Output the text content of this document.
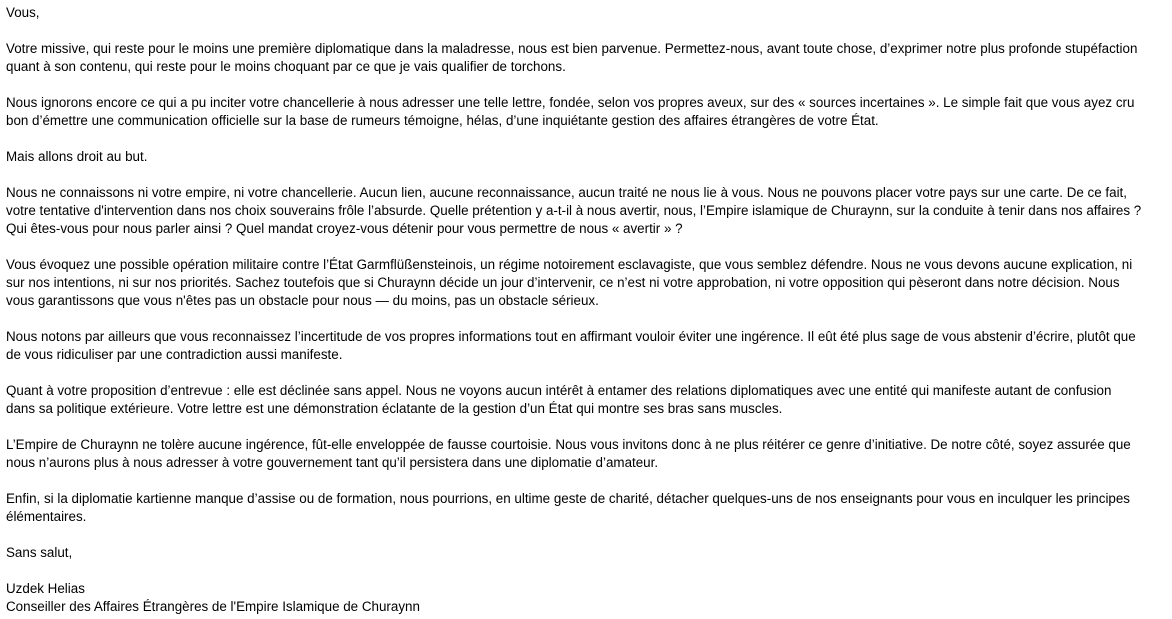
Vous,

Votre missive, qui reste pour le moins une première diplomatique dans la maladresse, nous est bien parvenue. Permettez-nous, avant toute chose, d’exprimer notre plus profonde stupéfaction
quant à son contenu, qui reste pour le moins choquant par ce que je vais qualifier de torchons.

Nous ignorons encore ce qui a pu inciter votre chancellerie à nous adresser une telle lettre, fondée, selon vos propres aveux, sur des « sources incertaines ». Le simple fait que vous ayez cru
bon d’émettre une communication officielle sur la base de rumeurs témoigne, hélas, d’une inquiétante gestion des affaires étrangères de votre État.

Mais allons droit au but.

Nous ne connaissons ni votre empire, ni votre chancellerie. Aucun lien, aucune reconnaissance, aucun traité ne nous lie à vous. Nous ne pouvons placer votre pays sur une carte. De ce fait,
votre tentative d'intervention dans nos choix souverains frôle l’absurde. Quelle prétention y a-t-il à nous avertir, nous, l’Empire islamique de Churaynn, sur la conduite à tenir dans nos affaires ?
Qui êtes-vous pour nous parler ainsi ? Quel mandat croyez-vous détenir pour vous permettre de nous « avertir » ?

Vous évoquez une possible opération militaire contre l’État Garmflüßensteinois, un régime notoirement esclavagiste, que vous semblez défendre. Nous ne vous devons aucune explication, ni
sur nos intentions, ni sur nos priorités. Sachez toutefois que si Churaynn décide un jour d’intervenir, ce n’est ni votre approbation, ni votre opposition qui pèseront dans notre décision. Nous
vous garantissons que vous n'êtes pas un obstacle pour nous — du moins, pas un obstacle sérieux.

Nous notons par ailleurs que vous reconnaissez l’incertitude de vos propres informations tout en affirmant vouloir éviter une ingérence. Il eût été plus sage de vous abstenir d’écrire, plutôt que
de vous ridiculiser par une contradiction aussi manifeste.

Quant à votre proposition d’entrevue : elle est déclinée sans appel. Nous ne voyons aucun intérêt à entamer des relations diplomatiques avec une entité qui manifeste autant de confusion
dans sa politique extérieure. Votre lettre est une démonstration éclatante de la gestion d’un État qui montre ses bras sans muscles.

L’Empire de Churaynn ne tolère aucune ingérence, fût-elle enveloppée de fausse courtoisie. Nous vous invitons donc à ne plus réitérer ce genre d’initiative. De notre côté, soyez assurée que
nous n’aurons plus à nous adresser à votre gouvernement tant qu’il persistera dans une diplomatie d’amateur.

Enfin, si la diplomatie kartienne manque d’assise ou de formation, nous pourrions, en ultime geste de charité, détacher quelques-uns de nos enseignants pour vous en inculquer les principes
élémentaires.

Sans salut,

Uzdek Helias
Conseiller des Affaires Étrangères de l'Empire Islamique de Churaynn
